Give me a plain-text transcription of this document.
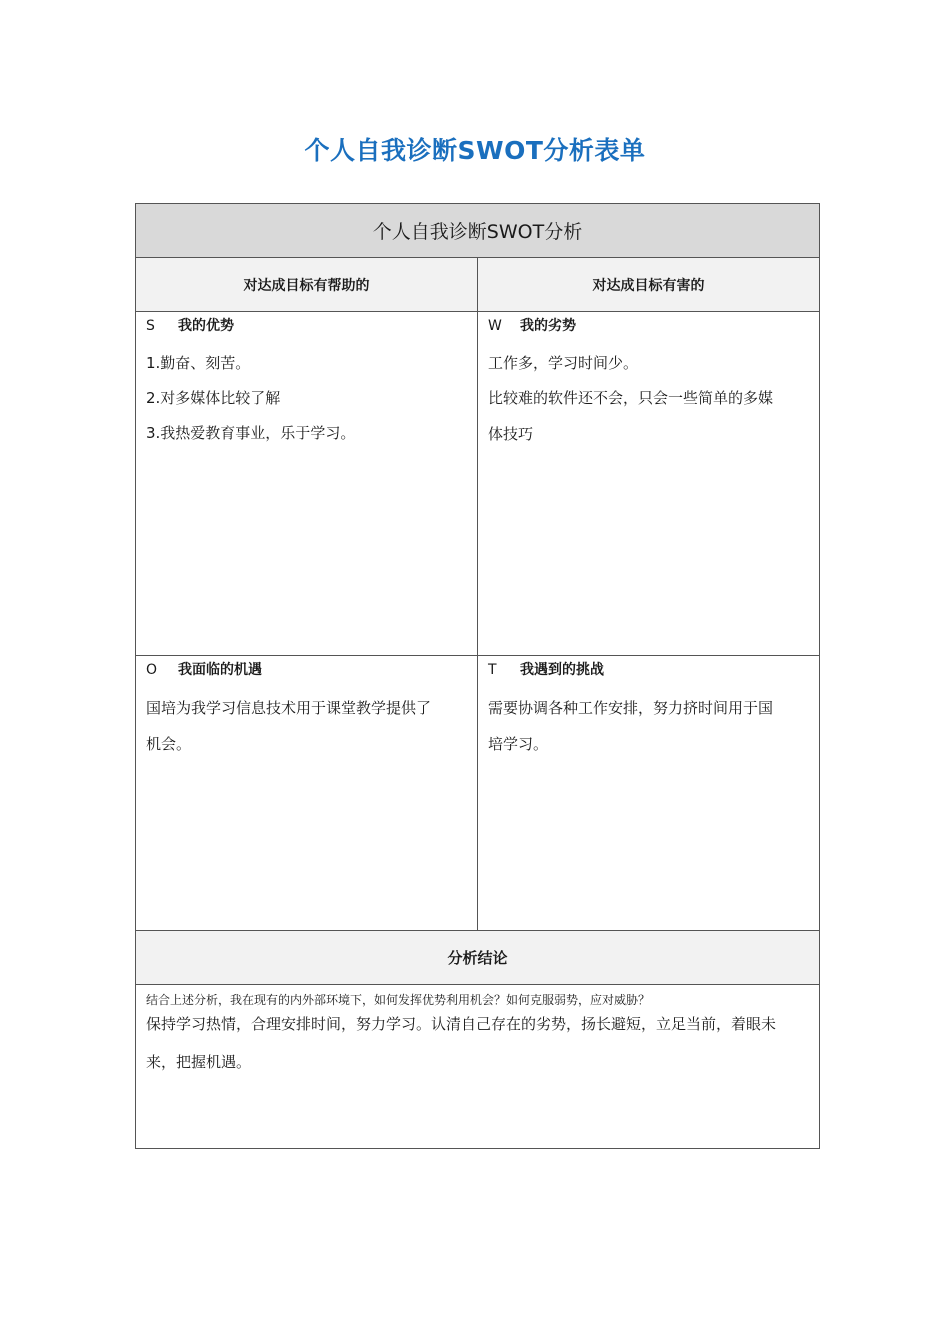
个人自我诊断SWOT分析表单
个人自我诊断SWOT分析
对达成目标有帮助的	对达成目标有害的
S 我的优势
1.勤奋、刻苦。
2.对多媒体比较了解
3.我热爱教育事业，乐于学习。
W 我的劣势
工作多，学习时间少。
比较难的软件还不会，只会一些简单的多媒
体技巧
O 我面临的机遇
国培为我学习信息技术用于课堂教学提供了
机会。
T 我遇到的挑战
需要协调各种工作安排，努力挤时间用于国
培学习。
分析结论
结合上述分析，我在现有的内外部环境下，如何发挥优势利用机会？如何克服弱势，应对威胁？
保持学习热情，合理安排时间，努力学习。认清自己存在的劣势，扬长避短，立足当前，着眼未
来，把握机遇。
